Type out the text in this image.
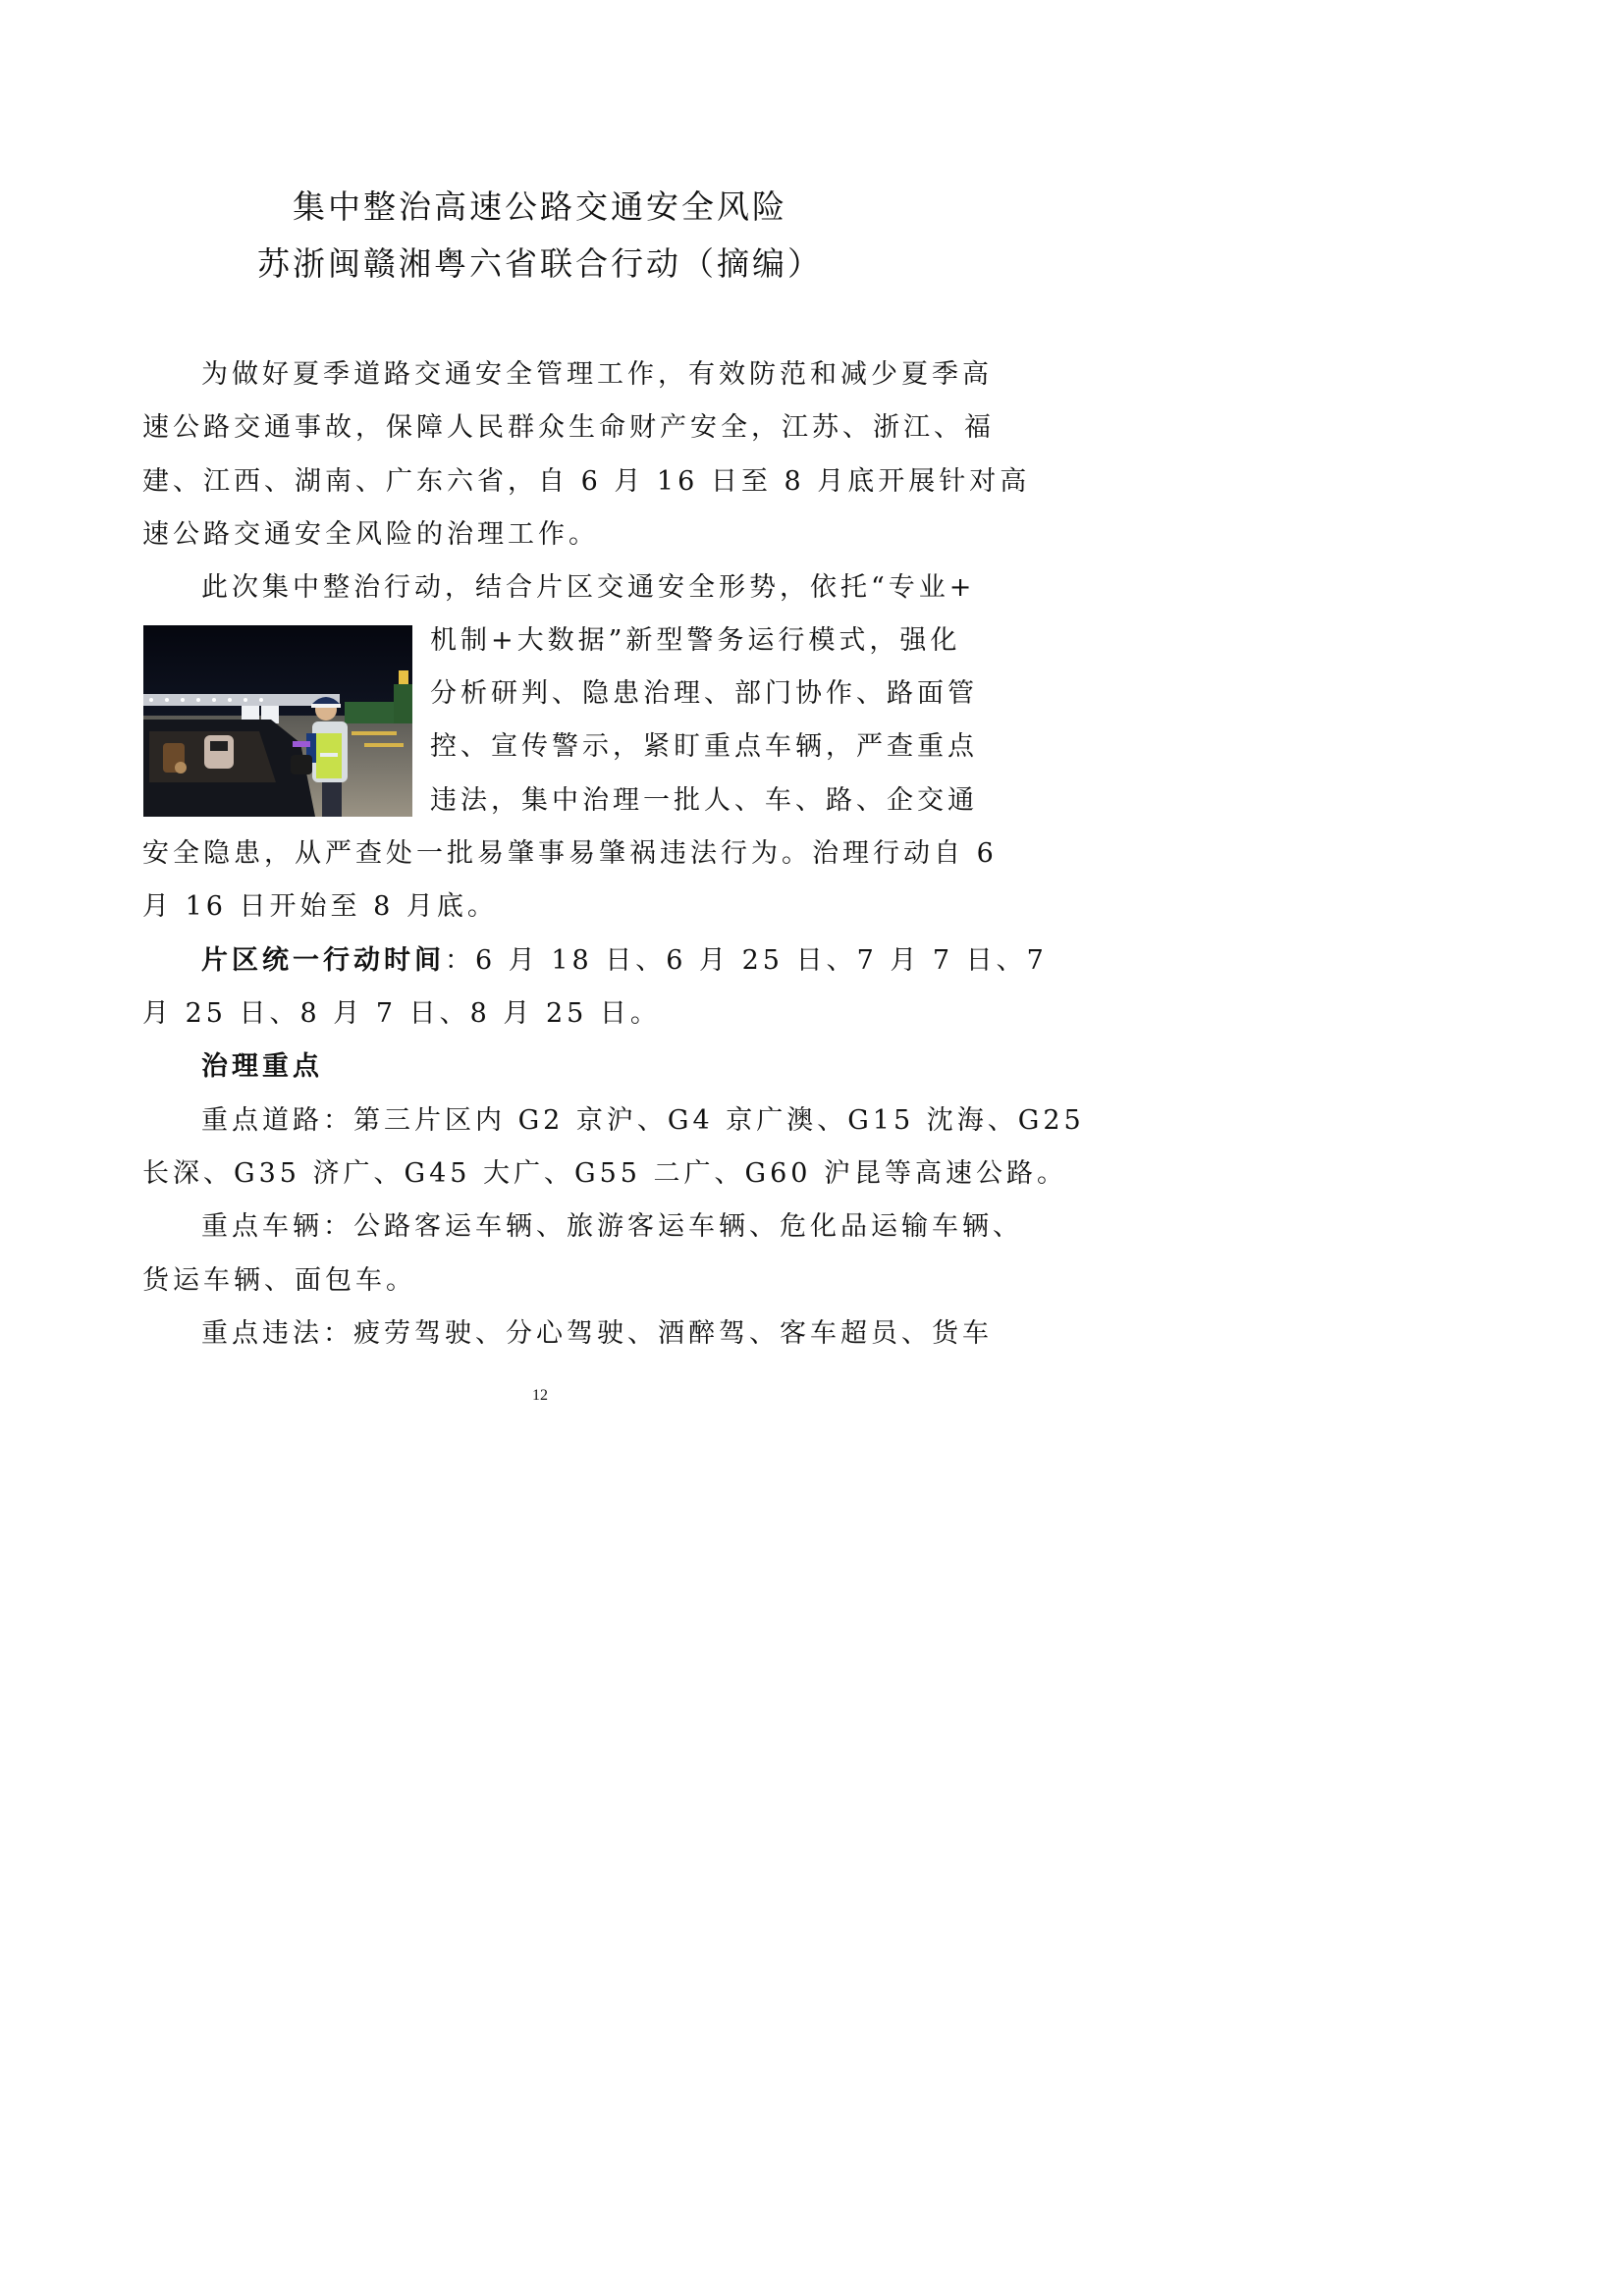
集中整治高速公路交通安全风险
苏浙闽赣湘粤六省联合行动（摘编）
为做好夏季道路交通安全管理工作，有效防范和减少夏季高
速公路交通事故，保障人民群众生命财产安全，江苏、浙江、福
建、江西、湖南、广东六省，自 6 月 16 日至 8 月底开展针对高
速公路交通安全风险的治理工作。
此次集中整治行动，结合片区交通安全形势，依托“专业+
机制+大数据”新型警务运行模式，强化
分析研判、隐患治理、部门协作、路面管
控、宣传警示，紧盯重点车辆，严查重点
违法，集中治理一批人、车、路、企交通
安全隐患，从严查处一批易肇事易肇祸违法行为。治理行动自 6
月 16 日开始至 8 月底。
片区统一行动时间：6 月 18 日、6 月 25 日、7 月 7 日、7
月 25 日、8 月 7 日、8 月 25 日。
治理重点
重点道路：第三片区内 G2 京沪、G4 京广澳、G15 沈海、G25
长深、G35 济广、G45 大广、G55 二广、G60 沪昆等高速公路。
重点车辆：公路客运车辆、旅游客运车辆、危化品运输车辆、
货运车辆、面包车。
重点违法：疲劳驾驶、分心驾驶、酒醉驾、客车超员、货车
12
